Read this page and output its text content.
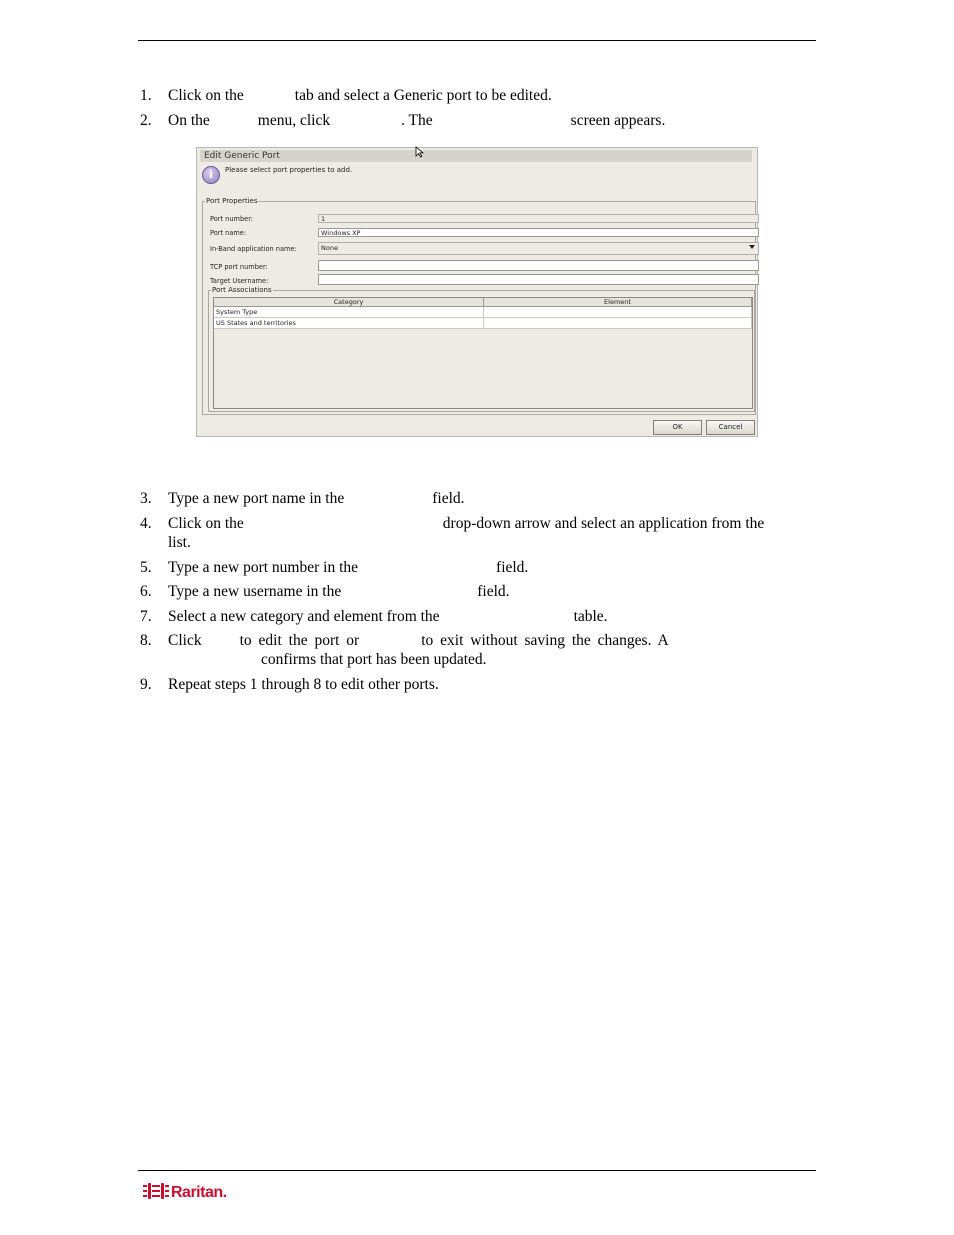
1. Click on the	tab and select a Generic port to be edited.
2. On the	menu, click	. The	screen appears.
3. Type a new port name in the	field.
4. Click on the	drop-down arrow and select an application from the
list.
5. Type a new port number in the	field.
6. Type a new username in the	field.
7. Select a new category and element from the	table.
8. Click to edit the port or	to exit without saving the changes. A
confirms that port has been updated.
9. Repeat steps 1 through 8 to edit other ports.
Edit Generic Port
i	Please select port properties to add.
Port Properties
Port number:	1
Port name:	Windows XP
In-Band application name:	None
TCP port number:
Target Username:
Port Associations
Category	Element
System Type
US States and territories
OK	Cancel
Raritan.
